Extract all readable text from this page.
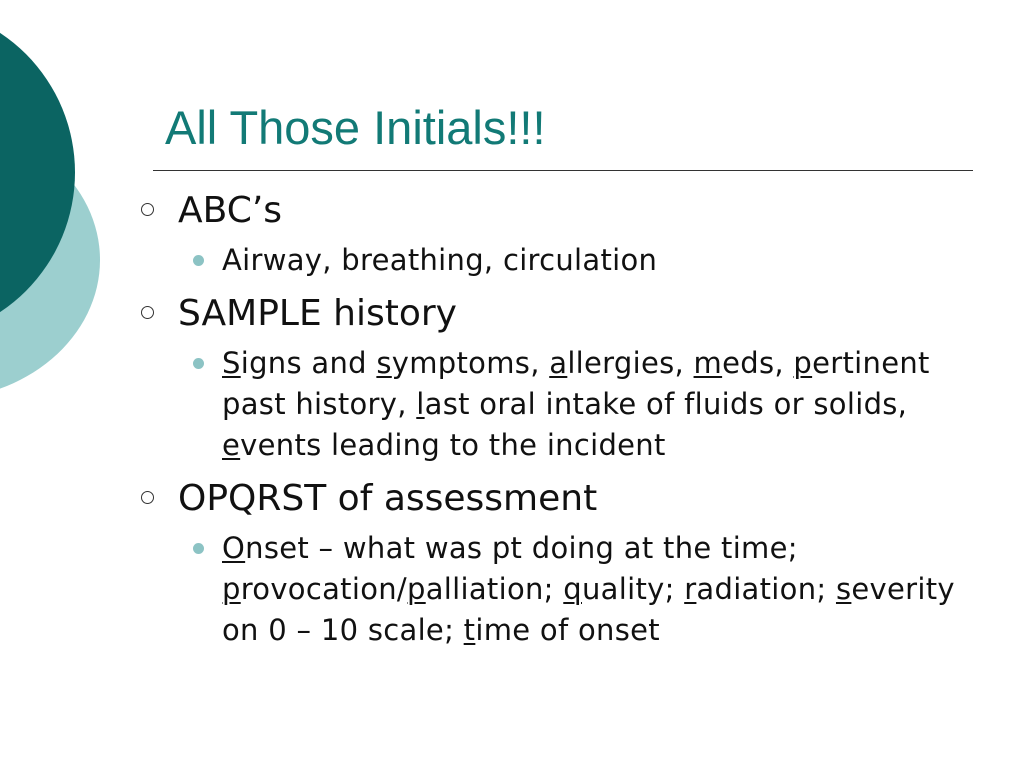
All Those Initials!!!
ABC’s
Airway, breathing, circulation
SAMPLE history
Signs and symptoms, allergies, meds, pertinent past history, last oral intake of fluids or solids, events leading to the incident
OPQRST of assessment
Onset – what was pt doing at the time; provocation/palliation; quality; radiation; severity on 0 – 10 scale; time of onset
